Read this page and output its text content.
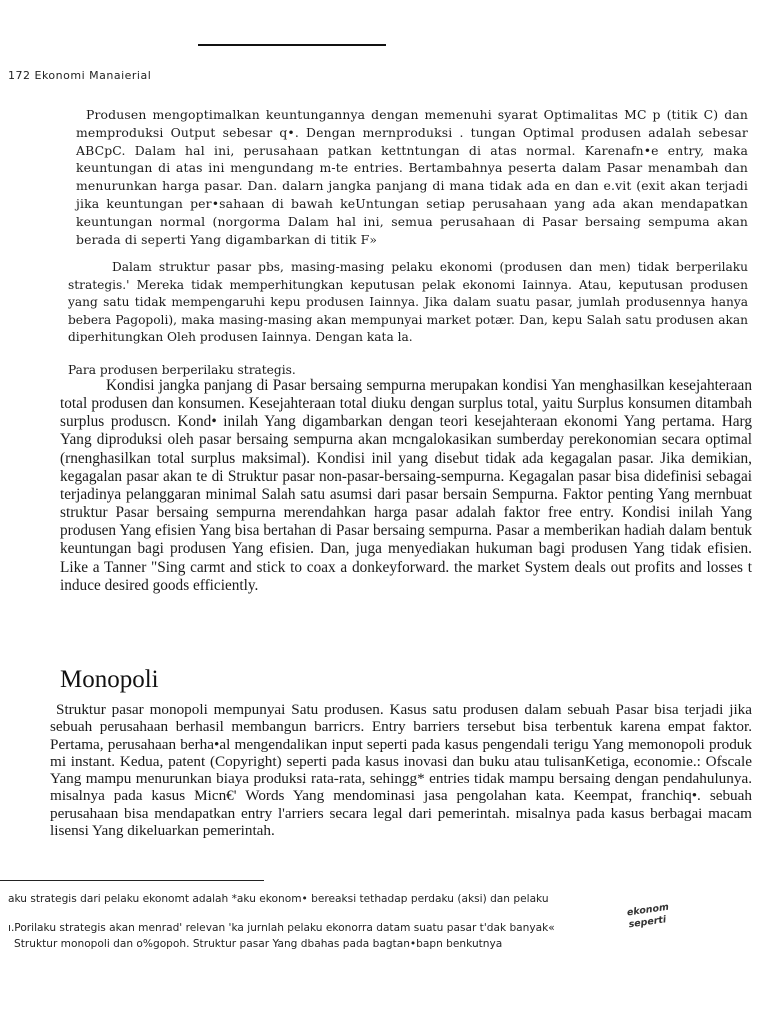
172 Ekonomi Manaierial

Produsen mengoptimalkan keuntungannya dengan memenuhi syarat Optimalitas MC p (titik C) dan memproduksi Output sebesar q•. Dengan mernproduksi . tungan Optimal produsen adalah sebesar ABCpC. Dalam hal ini, perusahaan patkan kettntungan di atas normal. Karenafn•e entry, maka keuntungan di atas ini mengundang m-te entries. Bertambahnya peserta dalam Pasar menambah dan menurunkan harga pasar. Dan. dalarn jangka panjang di mana tidak ada en dan e.vit (exit akan terjadi jika keuntungan per•sahaan di bawah keUntungan setiap perusahaan yang ada akan mendapatkan keuntungan normal (norgorma Dalam hal ini, semua perusahaan di Pasar bersaing sempuma akan berada di seperti Yang digambarkan di titik F»

Dalam struktur pasar pbs, masing-masing pelaku ekonomi (produsen dan men) tidak berperilaku strategis.' Mereka tidak memperhitungkan keputusan pelak ekonomi Iainnya. Atau, keputusan produsen yang satu tidak mempengaruhi kepu produsen Iainnya. Jika dalam suatu pasar, jumlah produsennya hanya bebera Pagopoli), maka masing-masing akan mempunyai market potær. Dan, kepu Salah satu produsen akan diperhitungkan Oleh produsen Iainnya. Dengan kata la.

Para produsen berperilaku strategis.

Kondisi jangka panjang di Pasar bersaing sempurna merupakan kondisi Yan menghasilkan kesejahteraan total produsen dan konsumen. Kesejahteraan total diuku dengan surplus total, yaitu Surplus konsumen ditambah surplus produscn. Kond• inilah Yang digambarkan dengan teori kesejahteraan ekonomi Yang pertama. Harg Yang diproduksi oleh pasar bersaing sempurna akan mcngalokasikan sumberday perekonomian secara optimal (rnenghasilkan total surplus maksimal). Kondisi inil yang disebut tidak ada kegagalan pasar. Jika demikian, kegagalan pasar akan te di Struktur pasar non-pasar-bersaing-sempurna. Kegagalan pasar bisa didefinisi sebagai terjadinya pelanggaran minimal Salah satu asumsi dari pasar bersain Sempurna. Faktor penting Yang mernbuat struktur Pasar bersaing sempurna merendahkan harga pasar adalah faktor free entry. Kondisi inilah Yang produsen Yang efisien Yang bisa bertahan di Pasar bersaing sempurna. Pasar a memberikan hadiah dalam bentuk keuntungan bagi produsen Yang efisien. Dan, juga menyediakan hukuman bagi produsen Yang tidak efisien. Like a Tanner "Sing carmt and stick to coax a donkeyforward. the market System deals out profits and losses t induce desired goods efficiently.

Monopoli

Struktur pasar monopoli mempunyai Satu produsen. Kasus satu produsen dalam sebuah Pasar bisa terjadi jika sebuah perusahaan berhasil membangun barricrs. Entry barriers tersebut bisa terbentuk karena empat faktor. Pertama, perusahaan berha•al mengendalikan input seperti pada kasus pengendali terigu Yang memonopoli produk mi instant. Kedua, patent (Copyright) seperti pada kasus inovasi dan buku atau tulisanKetiga, economie.: Ofscale Yang mampu menurunkan biaya produksi rata-rata, sehingg* entries tidak mampu bersaing dengan pendahulunya. misalnya pada kasus Micn€' Words Yang mendominasi jasa pengolahan kata. Keempat, franchiq•. sebuah perusahaan bisa mendapatkan entry l'arriers secara legal dari pemerintah. misalnya pada kasus berbagai macam lisensi Yang dikeluarkan pemerintah.

aku strategis dari pelaku ekonomt adalah *aku ekonom• bereaksi tethadap perdaku (aksi) dan pelaku

ı.Porilaku strategis akan menrad' relevan 'ka jurnlah pelaku ekonorra datam suatu pasar t'dak banyak«

Struktur monopoli dan o%gopoh. Struktur pasar Yang dbahas pada bagtan•bapn benkutnya

ekonom
seperti
